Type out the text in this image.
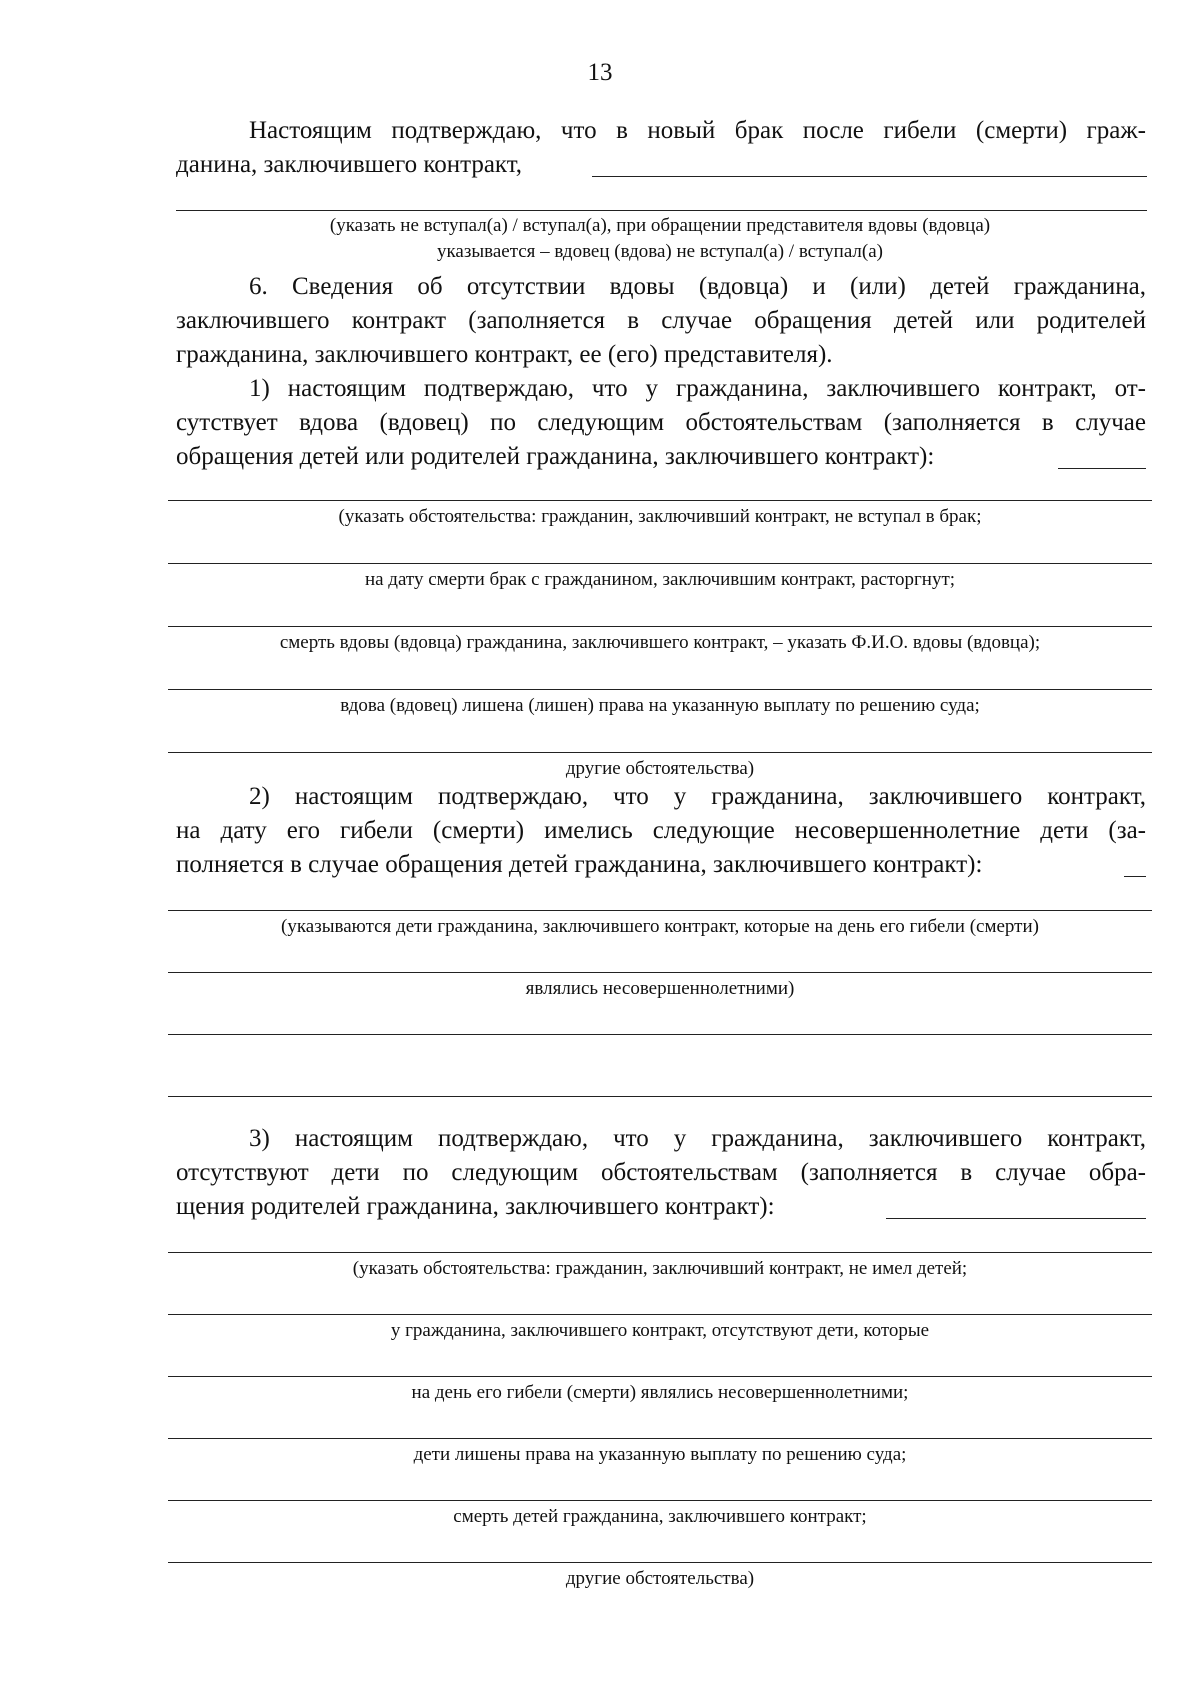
13
Настоящим подтверждаю, что в новый брак после гибели (смерти) граж-
данина, заключившего контракт,
(указать не вступал(а) / вступал(а), при обращении представителя вдовы (вдовца)
указывается – вдовец (вдова) не вступал(а) / вступал(а)
6. Сведения об отсутствии вдовы (вдовца) и (или) детей гражданина,
заключившего контракт (заполняется в случае обращения детей или родителей
гражданина, заключившего контракт, ее (его) представителя).
1) настоящим подтверждаю, что у гражданина, заключившего контракт, от-
сутствует вдова (вдовец) по следующим обстоятельствам (заполняется в случае
обращения детей или родителей гражданина, заключившего контракт):
(указать обстоятельства: гражданин, заключивший контракт, не вступал в брак;
на дату смерти брак с гражданином, заключившим контракт, расторгнут;
смерть вдовы (вдовца) гражданина, заключившего контракт, – указать Ф.И.О. вдовы (вдовца);
вдова (вдовец) лишена (лишен) права на указанную выплату по решению суда;
другие обстоятельства)
2) настоящим подтверждаю, что у гражданина, заключившего контракт,
на дату его гибели (смерти) имелись следующие несовершеннолетние дети (за-
полняется в случае обращения детей гражданина, заключившего контракт):
(указываются дети гражданина, заключившего контракт, которые на день его гибели (смерти)
являлись несовершеннолетними)
3) настоящим подтверждаю, что у гражданина, заключившего контракт,
отсутствуют дети по следующим обстоятельствам (заполняется в случае обра-
щения родителей гражданина, заключившего контракт):
(указать обстоятельства: гражданин, заключивший контракт, не имел детей;
у гражданина, заключившего контракт, отсутствуют дети, которые
на день его гибели (смерти) являлись несовершеннолетними;
дети лишены права на указанную выплату по решению суда;
смерть детей гражданина, заключившего контракт;
другие обстоятельства)
